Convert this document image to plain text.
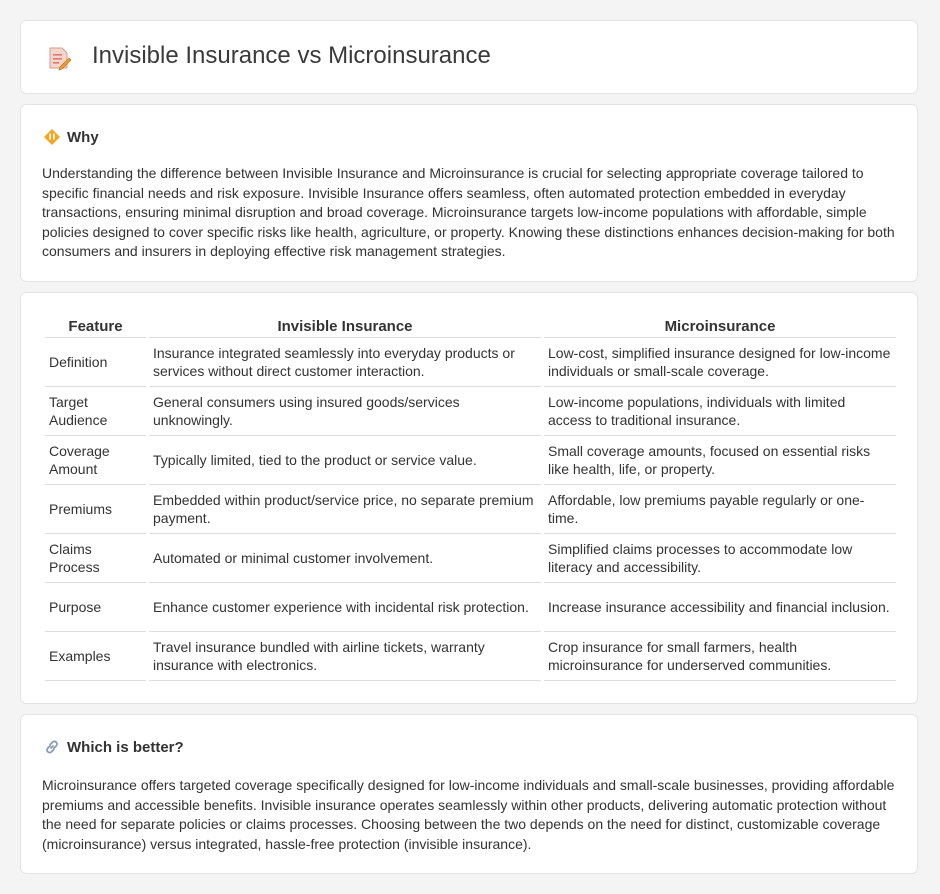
Invisible Insurance vs Microinsurance
Why

Understanding the difference between Invisible Insurance and Microinsurance is crucial for selecting appropriate coverage tailored to specific financial needs and risk exposure. Invisible Insurance offers seamless, often automated protection embedded in everyday transactions, ensuring minimal disruption and broad coverage. Microinsurance targets low-income populations with affordable, simple policies designed to cover specific risks like health, agriculture, or property. Knowing these distinctions enhances decision-making for both consumers and insurers in deploying effective risk management strategies.

Feature	Invisible Insurance	Microinsurance
Definition	Insurance integrated seamlessly into everyday products or services without direct customer interaction.	Low-cost, simplified insurance designed for low-income individuals or small-scale coverage.
Target Audience	General consumers using insured goods/services unknowingly.	Low-income populations, individuals with limited access to traditional insurance.
Coverage Amount	Typically limited, tied to the product or service value.	Small coverage amounts, focused on essential risks like health, life, or property.
Premiums	Embedded within product/service price, no separate premium payment.	Affordable, low premiums payable regularly or one-time.
Claims Process	Automated or minimal customer involvement.	Simplified claims processes to accommodate low literacy and accessibility.
Purpose	Enhance customer experience with incidental risk protection.	Increase insurance accessibility and financial inclusion.
Examples	Travel insurance bundled with airline tickets, warranty insurance with electronics.	Crop insurance for small farmers, health microinsurance for underserved communities.
Which is better?

Microinsurance offers targeted coverage specifically designed for low-income individuals and small-scale businesses, providing affordable premiums and accessible benefits. Invisible insurance operates seamlessly within other products, delivering automatic protection without the need for separate policies or claims processes. Choosing between the two depends on the need for distinct, customizable coverage (microinsurance) versus integrated, hassle-free protection (invisible insurance).
